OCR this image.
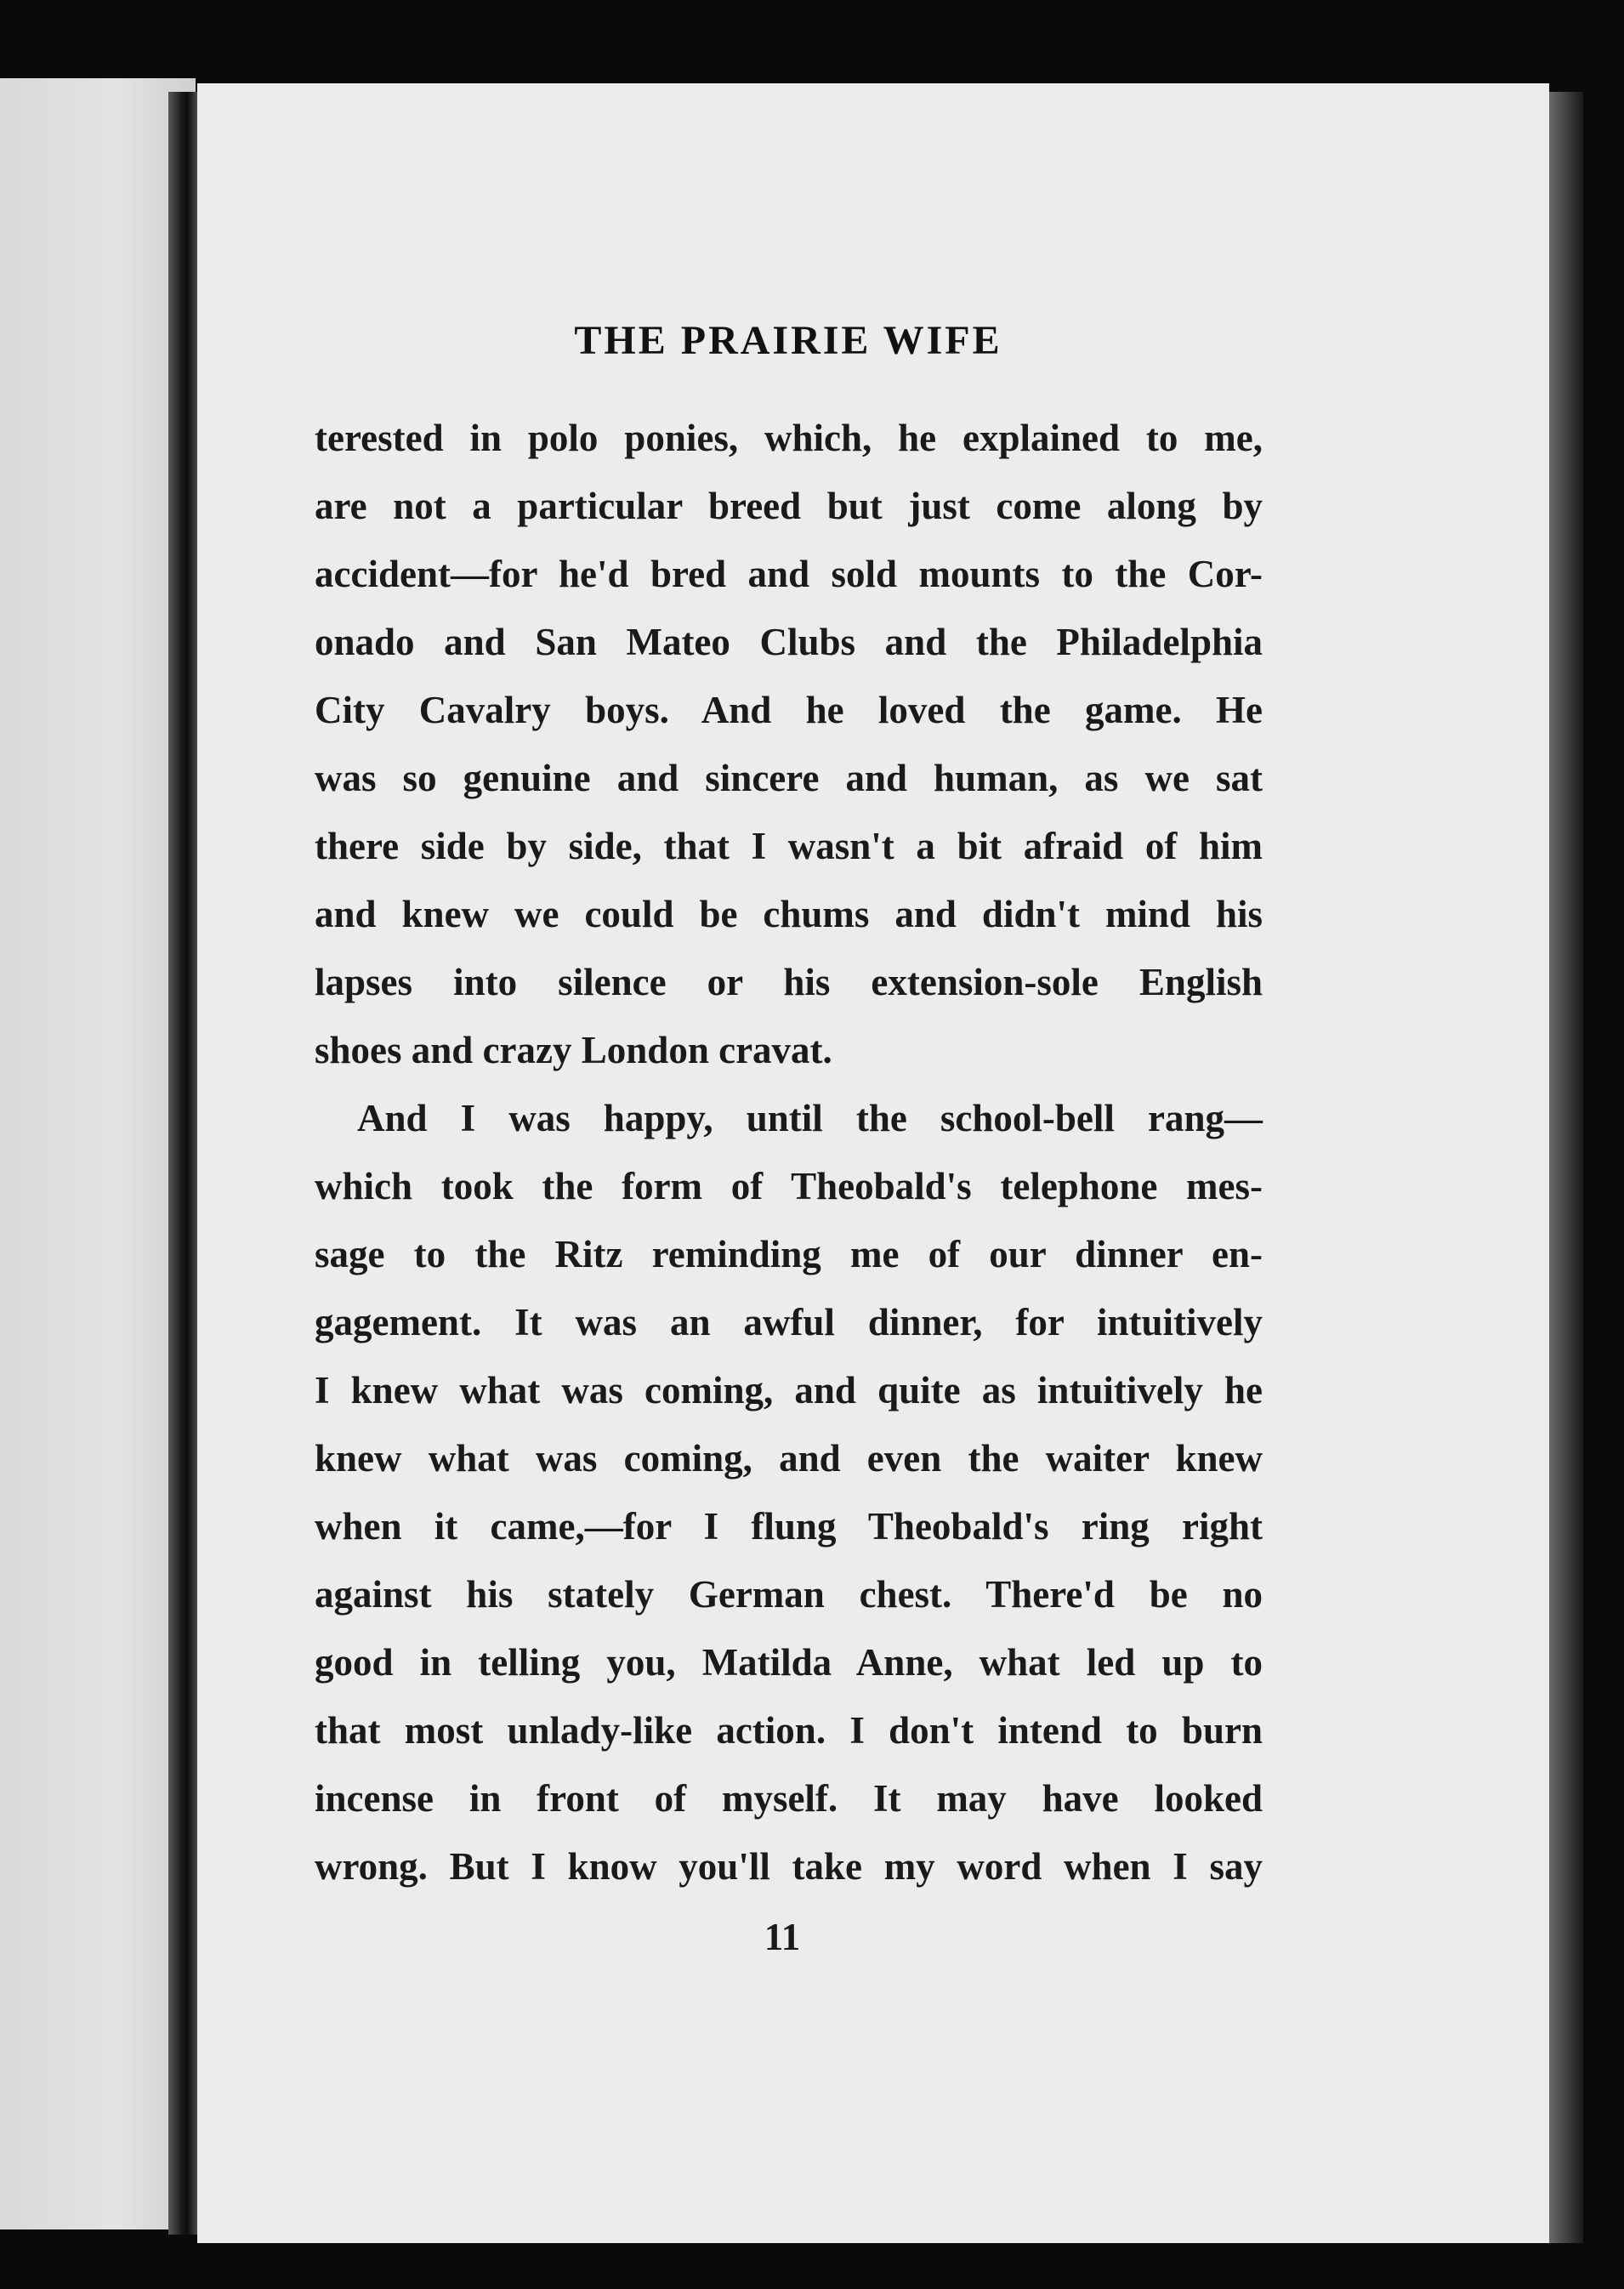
THE PRAIRIE WIFE
terested in polo ponies, which, he explained to me,
are not a particular breed but just come along by
accident—for he'd bred and sold mounts to the Cor-
onado and San Mateo Clubs and the Philadelphia
City Cavalry boys. And he loved the game. He
was so genuine and sincere and human, as we sat
there side by side, that I wasn't a bit afraid of him
and knew we could be chums and didn't mind his
lapses into silence or his extension-sole English
shoes and crazy London cravat.
And I was happy, until the school-bell rang—
which took the form of Theobald's telephone mes-
sage to the Ritz reminding me of our dinner en-
gagement. It was an awful dinner, for intuitively
I knew what was coming, and quite as intuitively he
knew what was coming, and even the waiter knew
when it came,—for I flung Theobald's ring right
against his stately German chest. There'd be no
good in telling you, Matilda Anne, what led up to
that most unlady-like action. I don't intend to burn
incense in front of myself. It may have looked
wrong. But I know you'll take my word when I say
11
